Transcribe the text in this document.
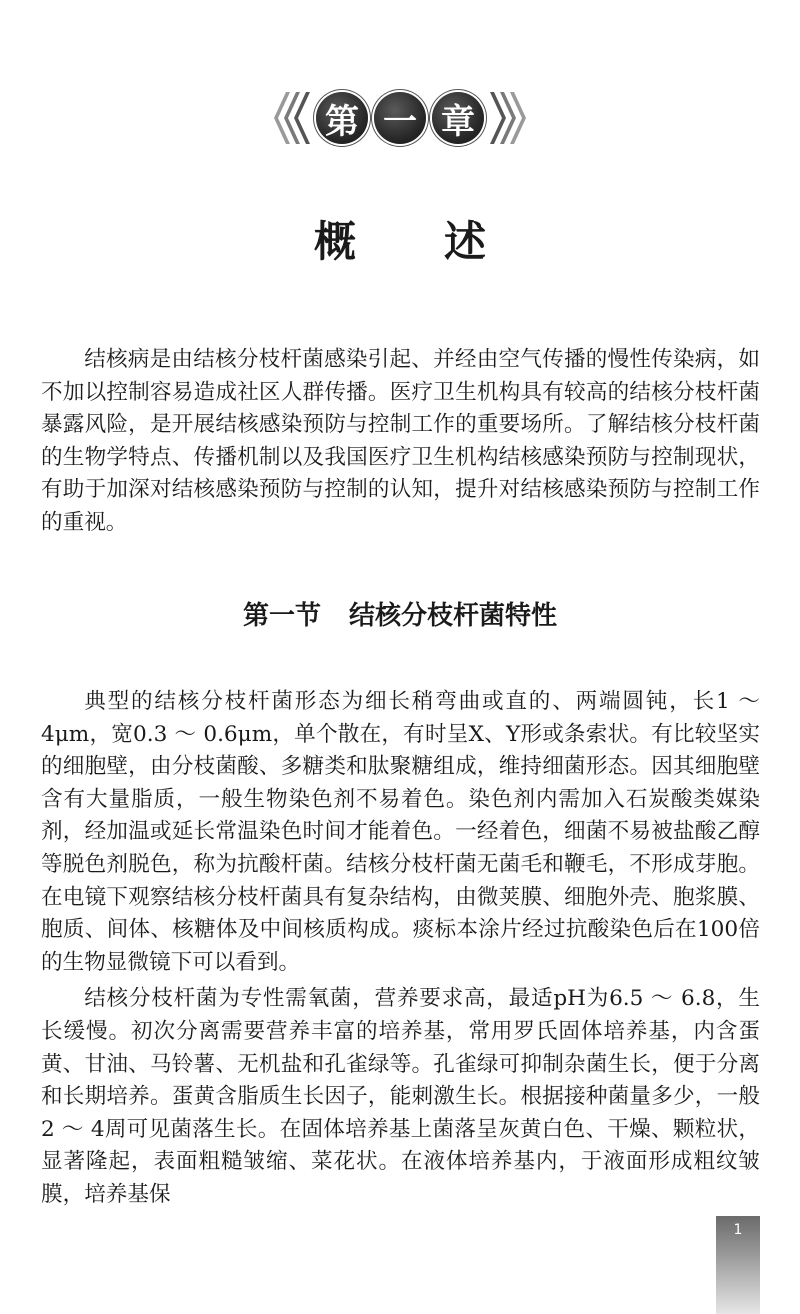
第 一 章
概述

结核病是由结核分枝杆菌感染引起、并经由空气传播的慢性传染病，如不加以控制容易造成社区人群传播。医疗卫生机构具有较高的结核分枝杆菌暴露风险，是开展结核感染预防与控制工作的重要场所。了解结核分枝杆菌的生物学特点、传播机制以及我国医疗卫生机构结核感染预防与控制现状，有助于加深对结核感染预防与控制的认知，提升对结核感染预防与控制工作的重视。

第一节 结核分枝杆菌特性

典型的结核分枝杆菌形态为细长稍弯曲或直的、两端圆钝，长1 ～ 4μm，宽0.3 ～ 0.6μm，单个散在，有时呈X、Y形或条索状。有比较坚实的细胞壁，由分枝菌酸、多糖类和肽聚糖组成，维持细菌形态。因其细胞壁含有大量脂质，一般生物染色剂不易着色。染色剂内需加入石炭酸类媒染剂，经加温或延长常温染色时间才能着色。一经着色，细菌不易被盐酸乙醇等脱色剂脱色，称为抗酸杆菌。结核分枝杆菌无菌毛和鞭毛，不形成芽胞。在电镜下观察结核分枝杆菌具有复杂结构，由微荚膜、细胞外壳、胞浆膜、胞质、间体、核糖体及中间核质构成。痰标本涂片经过抗酸染色后在100倍的生物显微镜下可以看到。

结核分枝杆菌为专性需氧菌，营养要求高，最适pH为6.5 ～ 6.8，生长缓慢。初次分离需要营养丰富的培养基，常用罗氏固体培养基，内含蛋黄、甘油、马铃薯、无机盐和孔雀绿等。孔雀绿可抑制杂菌生长，便于分离和长期培养。蛋黄含脂质生长因子，能刺激生长。根据接种菌量多少，一般2 ～ 4周可见菌落生长。在固体培养基上菌落呈灰黄白色、干燥、颗粒状，显著隆起，表面粗糙皱缩、菜花状。在液体培养基内，于液面形成粗纹皱膜，培养基保

1
